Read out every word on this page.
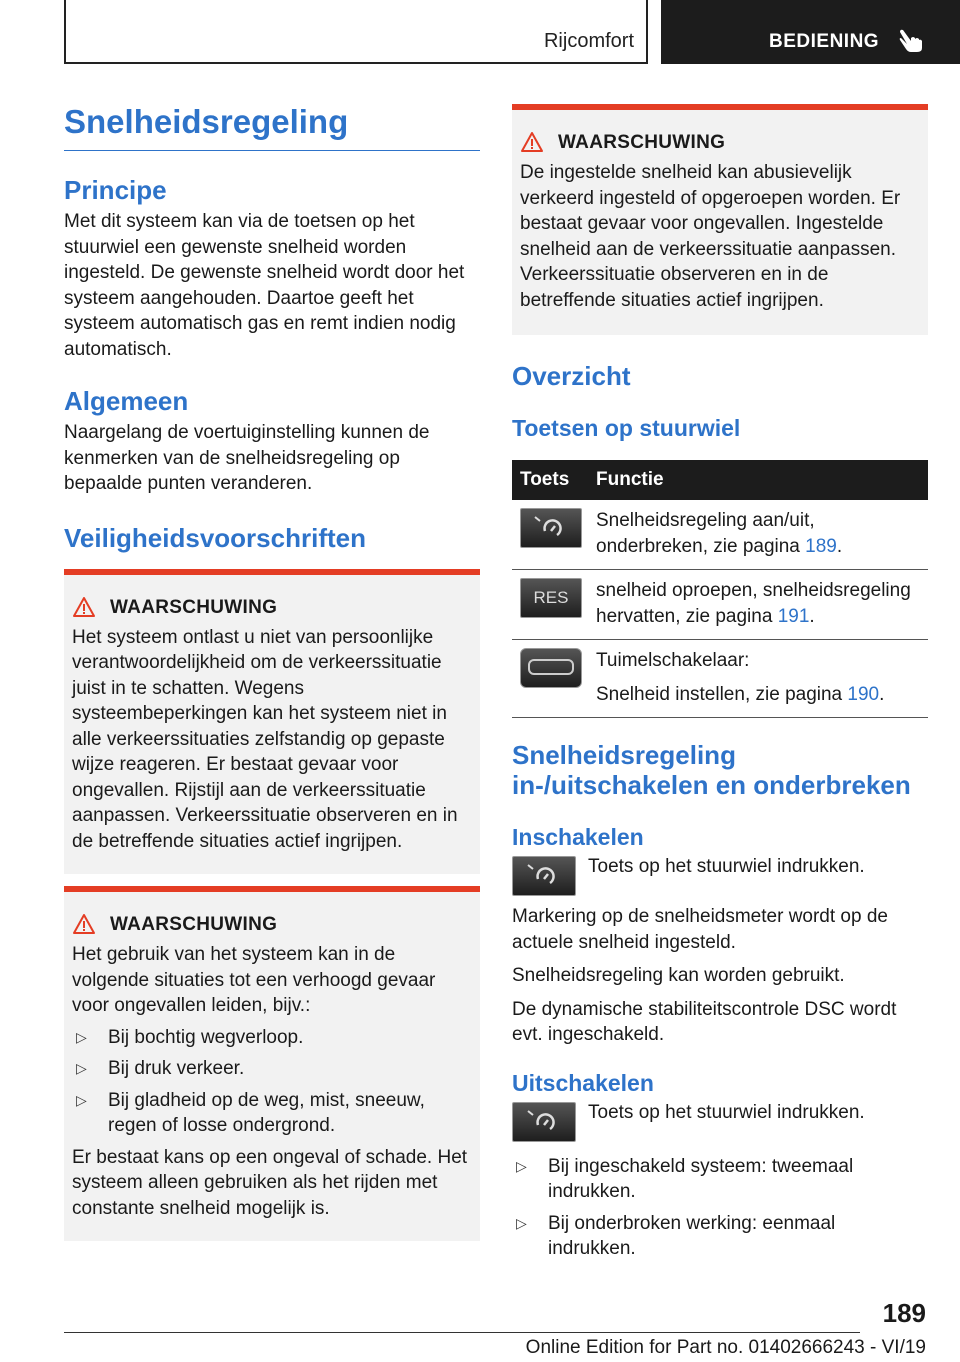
Rijcomfort	BEDIENING
Snelheidsregeling
Principe

Met dit systeem kan via de toetsen op het stuurwiel een gewenste snelheid worden ingesteld. De gewenste snelheid wordt door het systeem aangehouden. Daartoe geeft het systeem automatisch gas en remt indien nodig automatisch.

Algemeen

Naargelang de voertuiginstelling kunnen de kenmerken van de snelheidsregeling op bepaalde punten veranderen.

Veiligheidsvoorschriften
WAARSCHUWING

Het systeem ontlast u niet van persoonlijke verantwoordelijkheid om de verkeerssituatie juist in te schatten. Wegens systeembeperkingen kan het systeem niet in alle verkeerssituaties zelfstandig op gepaste wijze reageren. Er bestaat gevaar voor ongevallen. Rijstijl aan de verkeerssituatie aanpassen. Verkeerssituatie observeren en in de betreffende situaties actief ingrijpen.

WAARSCHUWING

Het gebruik van het systeem kan in de volgende situaties tot een verhoogd gevaar voor ongevallen leiden, bijv.:

▷ Bij bochtig wegverloop.
▷ Bij druk verkeer.
▷ Bij gladheid op de weg, mist, sneeuw, regen of losse ondergrond.

Er bestaat kans op een ongeval of schade. Het systeem alleen gebruiken als het rijden met constante snelheid mogelijk is.

WAARSCHUWING

De ingestelde snelheid kan abusievelijk verkeerd ingesteld of opgeroepen worden. Er bestaat gevaar voor ongevallen. Ingestelde snelheid aan de verkeerssituatie aanpassen. Verkeerssituatie observeren en in de betreffende situaties actief ingrijpen.

Overzicht
Toetsen op stuurwiel
Toets	Functie

	Snelheidsregeling aan/uit, onderbreken, zie pagina 189.

RES	snelheid oproepen, snelheidsregeling hervatten, zie pagina 191.

Tuimelschakelaar:
Snelheid instellen, zie pagina 190.
Snelheidsregeling in-/uitschakelen en onderbreken
Inschakelen

Toets op het stuurwiel indrukken.

Markering op de snelheidsmeter wordt op de actuele snelheid ingesteld.

Snelheidsregeling kan worden gebruikt.

De dynamische stabiliteitscontrole DSC wordt evt. ingeschakeld.

Uitschakelen

Toets op het stuurwiel indrukken.

▷ Bij ingeschakeld systeem: tweemaal indrukken.
▷ Bij onderbroken werking: eenmaal indrukken.
189
Online Edition for Part no. 01402666243 - VI/19
